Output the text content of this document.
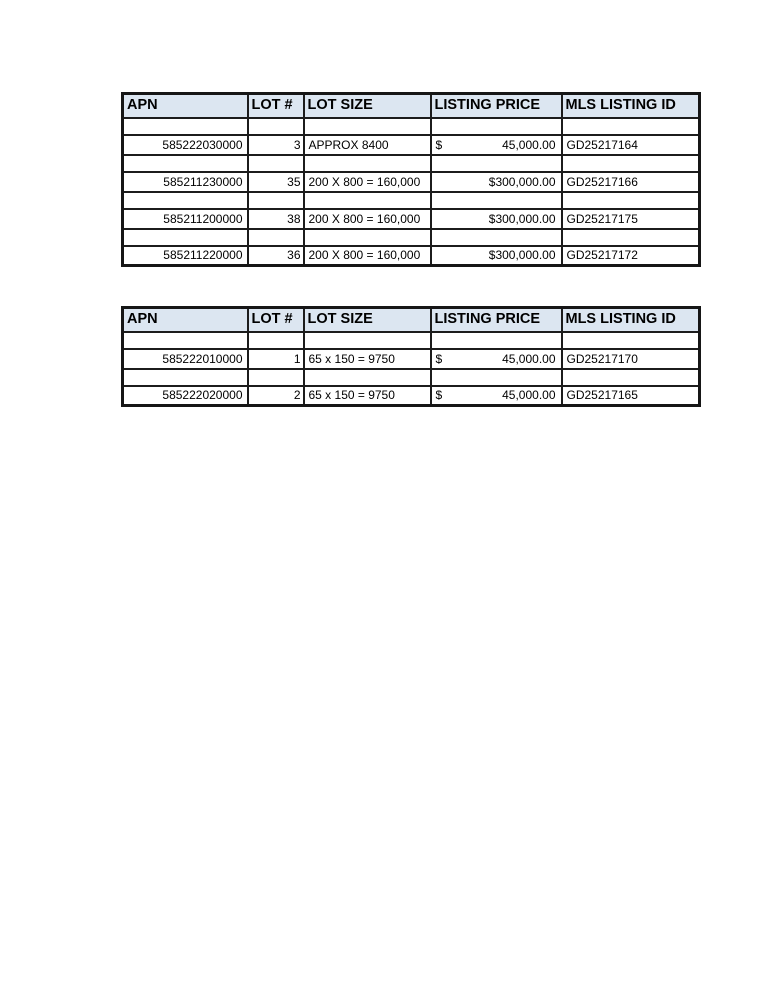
APN	LOT #	LOT SIZE	LISTING PRICE	MLS LISTING ID

585222030000	3	APPROX 8400	$ 45,000.00	GD25217164

585211230000	35	200 X 800 = 160,000	$300,000.00	GD25217166

585211200000	38	200 X 800 = 160,000	$300,000.00	GD25217175

585211220000	36	200 X 800 = 160,000	$300,000.00	GD25217172
APN	LOT #	LOT SIZE	LISTING PRICE	MLS LISTING ID

585222010000	1	65 x 150 = 9750	$ 45,000.00	GD25217170

585222020000	2	65 x 150 = 9750	$ 45,000.00	GD25217165
